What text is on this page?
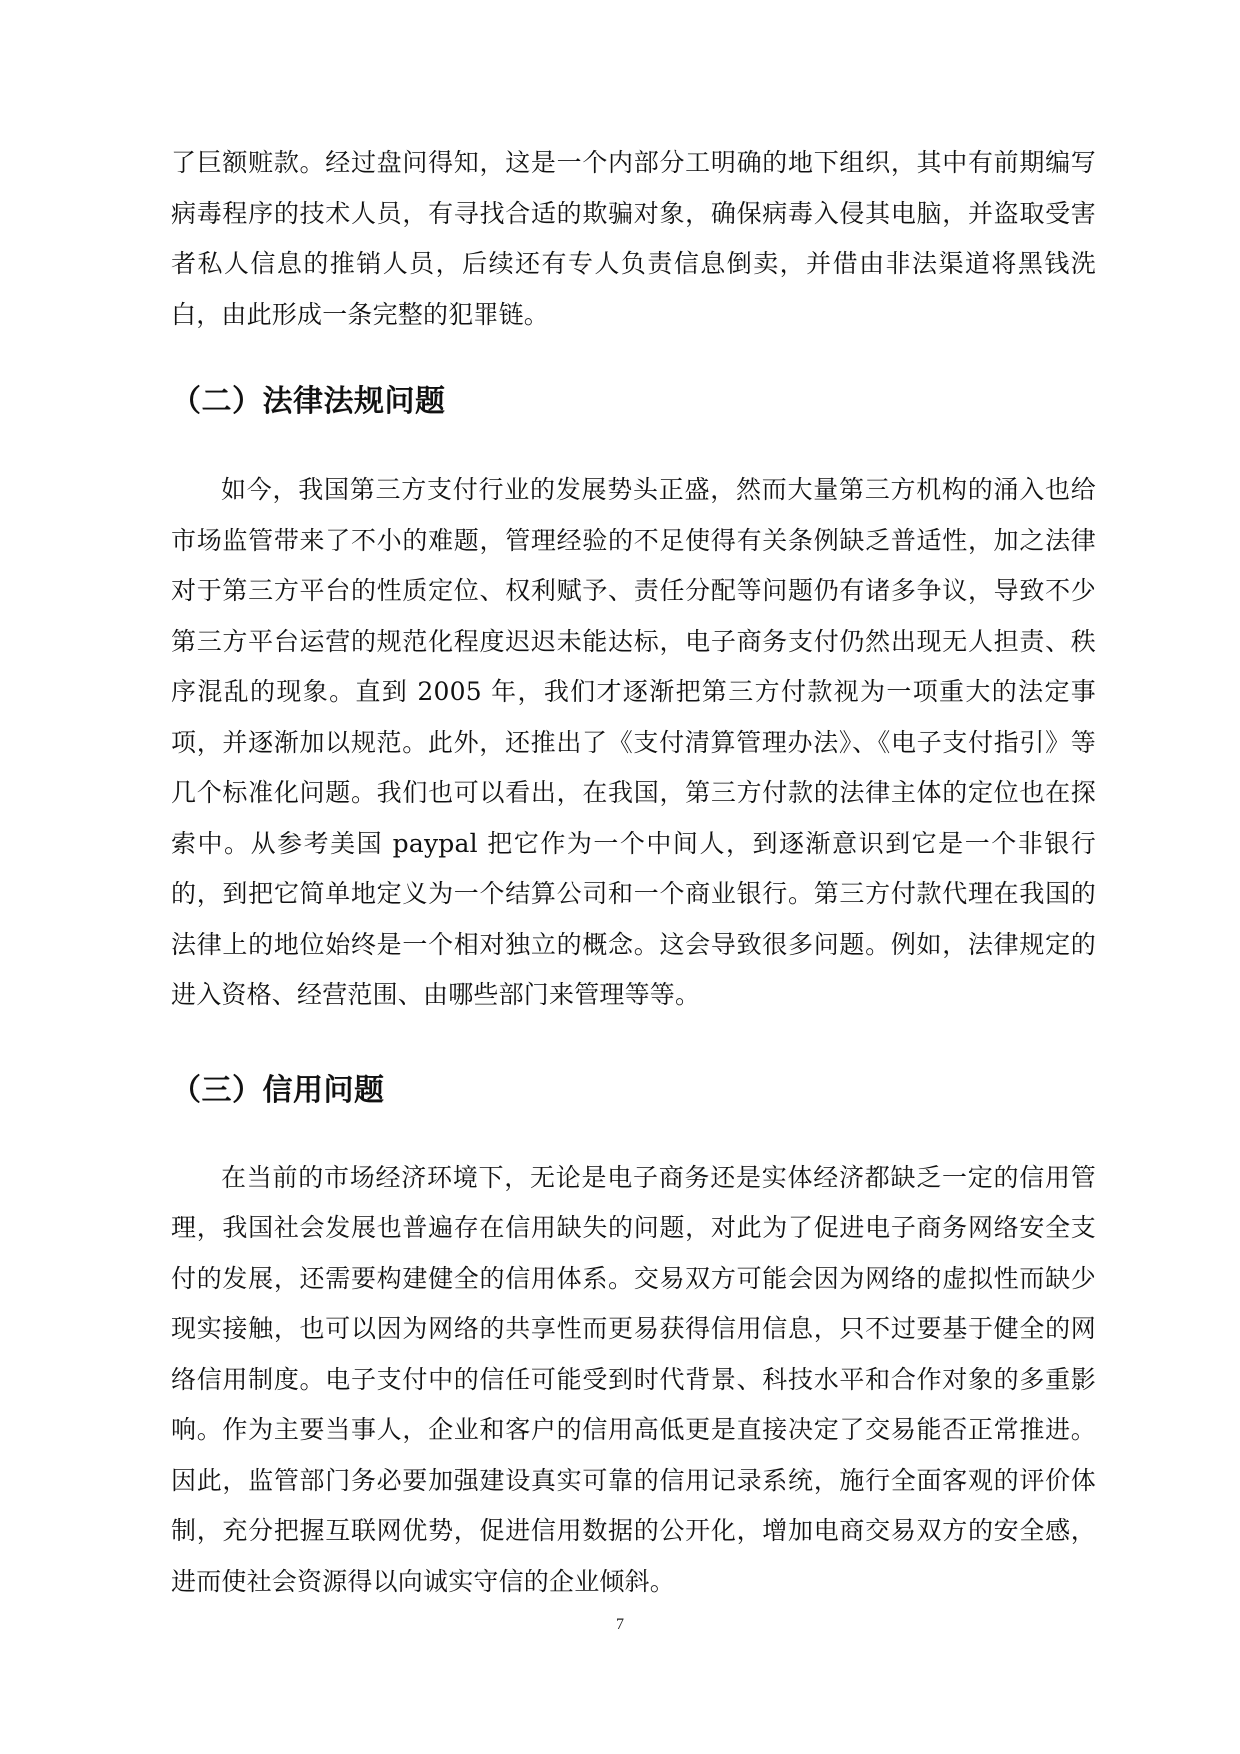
了巨额赃款。经过盘问得知，这是一个内部分工明确的地下组织，其中有前期编写病毒程序的技术人员，有寻找合适的欺骗对象，确保病毒入侵其电脑，并盗取受害者私人信息的推销人员，后续还有专人负责信息倒卖，并借由非法渠道将黑钱洗白，由此形成一条完整的犯罪链。

（二）法律法规问题

如今，我国第三方支付行业的发展势头正盛，然而大量第三方机构的涌入也给市场监管带来了不小的难题，管理经验的不足使得有关条例缺乏普适性，加之法律对于第三方平台的性质定位、权利赋予、责任分配等问题仍有诸多争议，导致不少第三方平台运营的规范化程度迟迟未能达标，电子商务支付仍然出现无人担责、秩序混乱的现象。直到 2005 年，我们才逐渐把第三方付款视为一项重大的法定事项，并逐渐加以规范。此外，还推出了《支付清算管理办法》、《电子支付指引》等几个标准化问题。我们也可以看出，在我国，第三方付款的法律主体的定位也在探索中。从参考美国 paypal 把它作为一个中间人，到逐渐意识到它是一个非银行的，到把它简单地定义为一个结算公司和一个商业银行。第三方付款代理在我国的法律上的地位始终是一个相对独立的概念。这会导致很多问题。例如，法律规定的进入资格、经营范围、由哪些部门来管理等等。

（三）信用问题

在当前的市场经济环境下，无论是电子商务还是实体经济都缺乏一定的信用管理，我国社会发展也普遍存在信用缺失的问题，对此为了促进电子商务网络安全支付的发展，还需要构建健全的信用体系。交易双方可能会因为网络的虚拟性而缺少现实接触，也可以因为网络的共享性而更易获得信用信息，只不过要基于健全的网络信用制度。电子支付中的信任可能受到时代背景、科技水平和合作对象的多重影响。作为主要当事人，企业和客户的信用高低更是直接决定了交易能否正常推进。因此，监管部门务必要加强建设真实可靠的信用记录系统，施行全面客观的评价体制，充分把握互联网优势，促进信用数据的公开化，增加电商交易双方的安全感，进而使社会资源得以向诚实守信的企业倾斜。

7
